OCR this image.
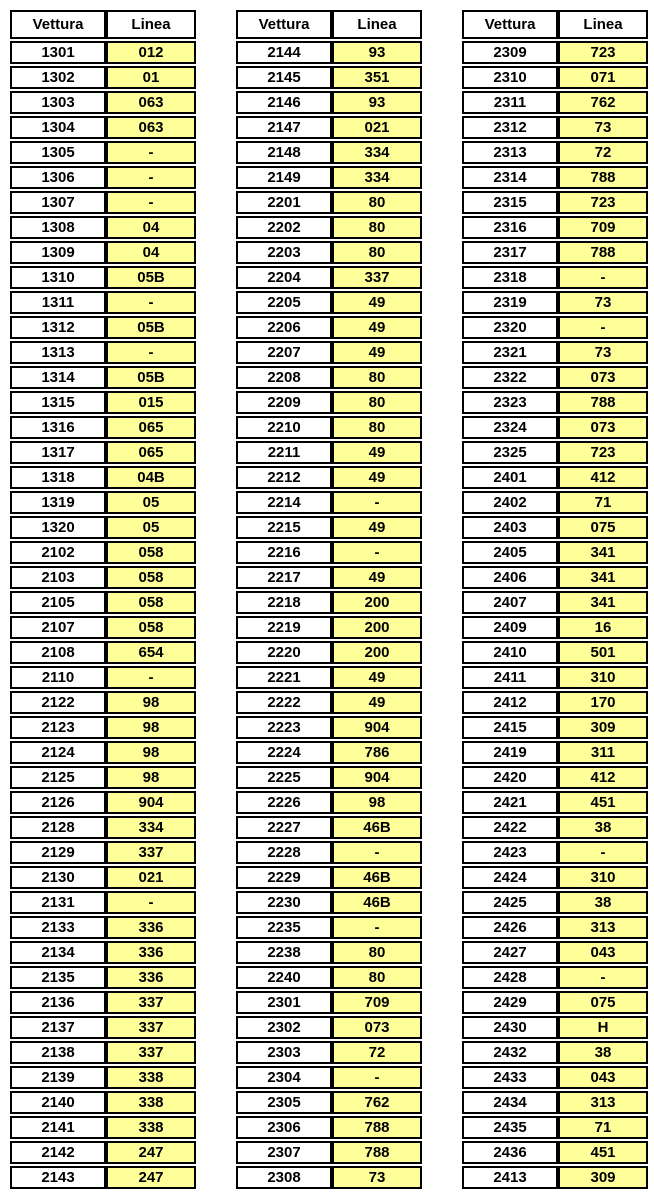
Vettura	Linea
1301	012
1302	01
1303	063
1304	063
1305	-
1306	-
1307	-
1308	04
1309	04
1310	05B
1311	-
1312	05B
1313	-
1314	05B
1315	015
1316	065
1317	065
1318	04B
1319	05
1320	05
2102	058
2103	058
2105	058
2107	058
2108	654
2110	-
2122	98
2123	98
2124	98
2125	98
2126	904
2128	334
2129	337
2130	021
2131	-
2133	336
2134	336
2135	336
2136	337
2137	337
2138	337
2139	338
2140	338
2141	338
2142	247
2143	247
Vettura	Linea
2144	93
2145	351
2146	93
2147	021
2148	334
2149	334
2201	80
2202	80
2203	80
2204	337
2205	49
2206	49
2207	49
2208	80
2209	80
2210	80
2211	49
2212	49
2214	-
2215	49
2216	-
2217	49
2218	200
2219	200
2220	200
2221	49
2222	49
2223	904
2224	786
2225	904
2226	98
2227	46B
2228	-
2229	46B
2230	46B
2235	-
2238	80
2240	80
2301	709
2302	073
2303	72
2304	-
2305	762
2306	788
2307	788
2308	73
Vettura	Linea
2309	723
2310	071
2311	762
2312	73
2313	72
2314	788
2315	723
2316	709
2317	788
2318	-
2319	73
2320	-
2321	73
2322	073
2323	788
2324	073
2325	723
2401	412
2402	71
2403	075
2405	341
2406	341
2407	341
2409	16
2410	501
2411	310
2412	170
2415	309
2419	311
2420	412
2421	451
2422	38
2423	-
2424	310
2425	38
2426	313
2427	043
2428	-
2429	075
2430	H
2432	38
2433	043
2434	313
2435	71
2436	451
2413	309
